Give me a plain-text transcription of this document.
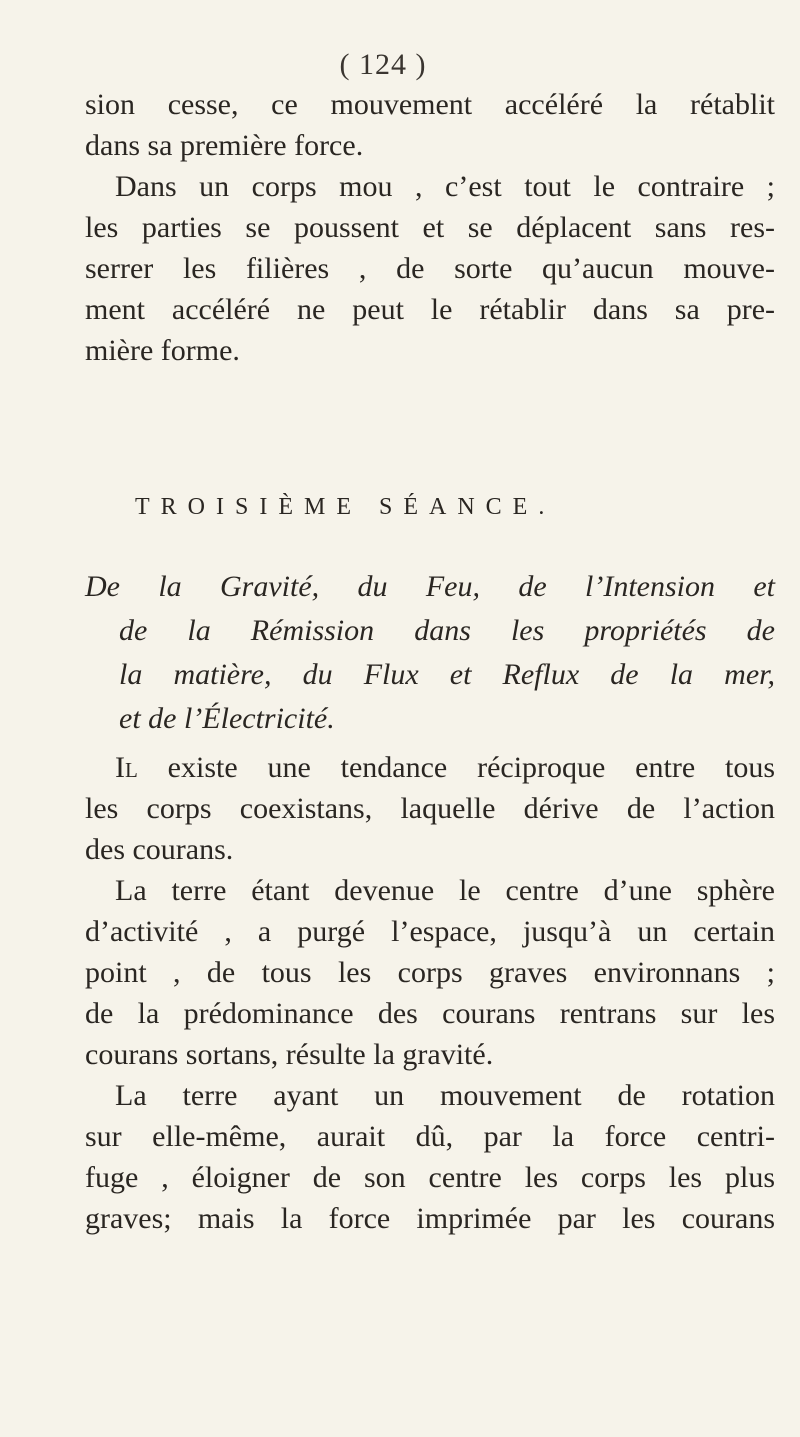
( 124 )
sion cesse, ce mouvement accéléré la rétablit
dans sa première force.
Dans un corps mou , c’est tout le contraire ;
les parties se poussent et se déplacent sans res-
serrer les filières , de sorte qu’aucun mouve-
ment accéléré ne peut le rétablir dans sa pre-
mière forme.
TROISIÈME SÉANCE.
De la Gravité, du Feu, de l’Intension et
de la Rémission dans les propriétés de
la matière, du Flux et Reflux de la mer,
et de l’Électricité.
Il existe une tendance réciproque entre tous
les corps coexistans, laquelle dérive de l’action
des courans.
La terre étant devenue le centre d’une sphère
d’activité , a purgé l’espace, jusqu’à un certain
point , de tous les corps graves environnans ;
de la prédominance des courans rentrans sur les
courans sortans, résulte la gravité.
La terre ayant un mouvement de rotation
sur elle-même, aurait dû, par la force centri-
fuge , éloigner de son centre les corps les plus
graves; mais la force imprimée par les courans
